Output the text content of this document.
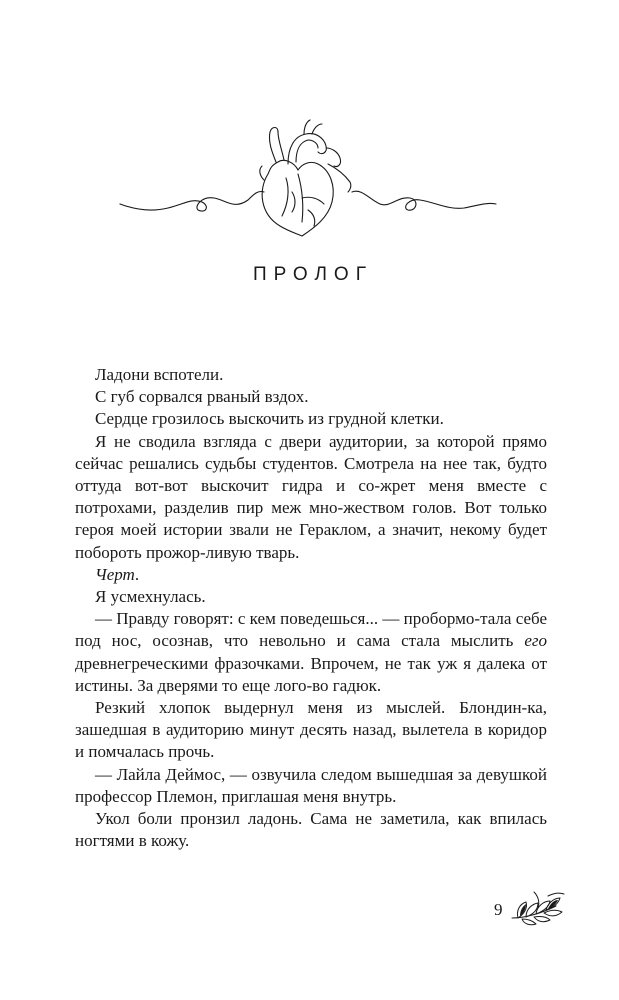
ПРОЛОГ

Ладони вспотели.

С губ сорвался рваный вздох.

Сердце грозилось выскочить из грудной клетки.

Я не сводила взгляда с двери аудитории, за которой прямо сейчас решались судьбы студентов. Смотрела на нее так, будто оттуда вот-вот выскочит гидра и со-жрет меня вместе с потрохами, разделив пир меж мно-жеством голов. Вот только героя моей истории звали не Гераклом, а значит, некому будет побороть прожор-ливую тварь.

Черт.

Я усмехнулась.

— Правду говорят: с кем поведешься... — пробормо-тала себе под нос, осознав, что невольно и сама стала мыслить его древнегреческими фразочками. Впрочем, не так уж я далека от истины. За дверями то еще лого-во гадюк.

Резкий хлопок выдернул меня из мыслей. Блондин-ка, зашедшая в аудиторию минут десять назад, вылетела в коридор и помчалась прочь.

— Лайла Деймос, — озвучила следом вышедшая за девушкой профессор Племон, приглашая меня внутрь.

Укол боли пронзил ладонь. Сама не заметила, как впилась ногтями в кожу.

9
